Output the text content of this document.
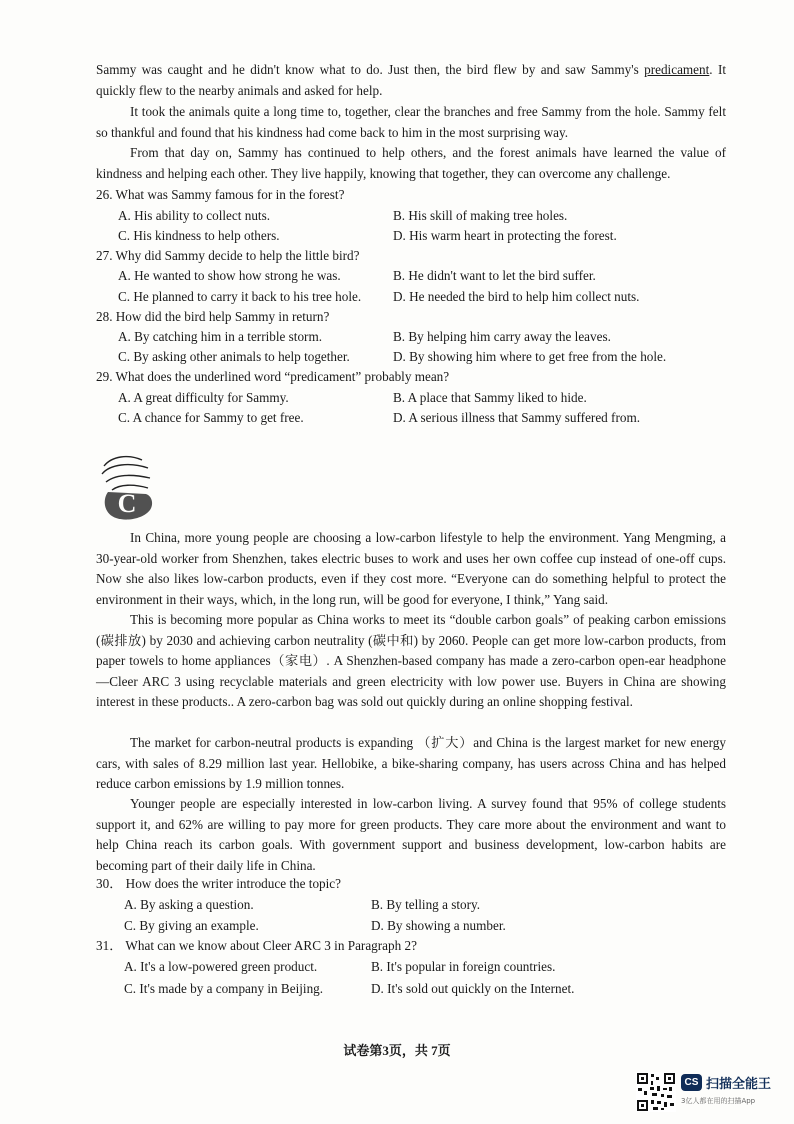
Sammy was caught and he didn't know what to do. Just then, the bird flew by and saw Sammy's predicament. It quickly flew to the nearby animals and asked for help.
It took the animals quite a long time to, together, clear the branches and free Sammy from the hole. Sammy felt so thankful and found that his kindness had come back to him in the most surprising way.
From that day on, Sammy has continued to help others, and the forest animals have learned the value of kindness and helping each other. They live happily, knowing that together, they can overcome any challenge.
26. What was Sammy famous for in the forest?
A. His ability to collect nuts.	B. His skill of making tree holes.
C. His kindness to help others.	D. His warm heart in protecting the forest.
27. Why did Sammy decide to help the little bird?
A. He wanted to show how strong he was.	B. He didn't want to let the bird suffer.
C. He planned to carry it back to his tree hole. D. He needed the bird to help him collect nuts.
28. How did the bird help Sammy in return?
A. By catching him in a terrible storm.	B. By helping him carry away the leaves.
C. By asking other animals to help together.	D. By showing him where to get free from the hole.
29. What does the underlined word “predicament” probably mean?
A. A great difficulty for Sammy.	B. A place that Sammy liked to hide.
C. A chance for Sammy to get free.	D. A serious illness that Sammy suffered from.
C
In China, more young people are choosing a low-carbon lifestyle to help the environment. Yang Mengming, a 30-year-old worker from Shenzhen, takes electric buses to work and uses her own coffee cup instead of one-off cups. Now she also likes low-carbon products, even if they cost more. “Everyone can do something helpful to protect the environment in their ways, which, in the long run, will be good for everyone, I think,” Yang said.
This is becoming more popular as China works to meet its “double carbon goals” of peaking carbon emissions (碳排放) by 2030 and achieving carbon neutrality (碳中和) by 2060. People can get more low-carbon products, from paper towels to home appliances（家电）. A Shenzhen-based company has made a zero-carbon open-ear headphone—Cleer ARC 3 using recyclable materials and green electricity with low power use. Buyers in China are showing interest in these products.. A zero-carbon bag was sold out quickly during an online shopping festival.
The market for carbon-neutral products is expanding （扩大）and China is the largest market for new energy cars, with sales of 8.29 million last year. Hellobike, a bike-sharing company, has users across China and has helped reduce carbon emissions by 1.9 million tonnes.
Younger people are especially interested in low-carbon living. A survey found that 95% of college students support it, and 62% are willing to pay more for green products. They care more about the environment and want to help China reach its carbon goals. With government support and business development, low-carbon habits are becoming part of their daily life in China.
30． How does the writer introduce the topic?
A. By asking a question.	B. By telling a story.
C. By giving an example.	D. By showing a number.
31． What can we know about Cleer ARC 3 in Paragraph 2?
A. It's a low-powered green product.	B. It's popular in foreign countries.
C. It's made by a company in Beijing.	D. It's sold out quickly on the Internet.
试卷第3页，共 7页
CS 扫描全能王
3亿人都在用的扫描App
